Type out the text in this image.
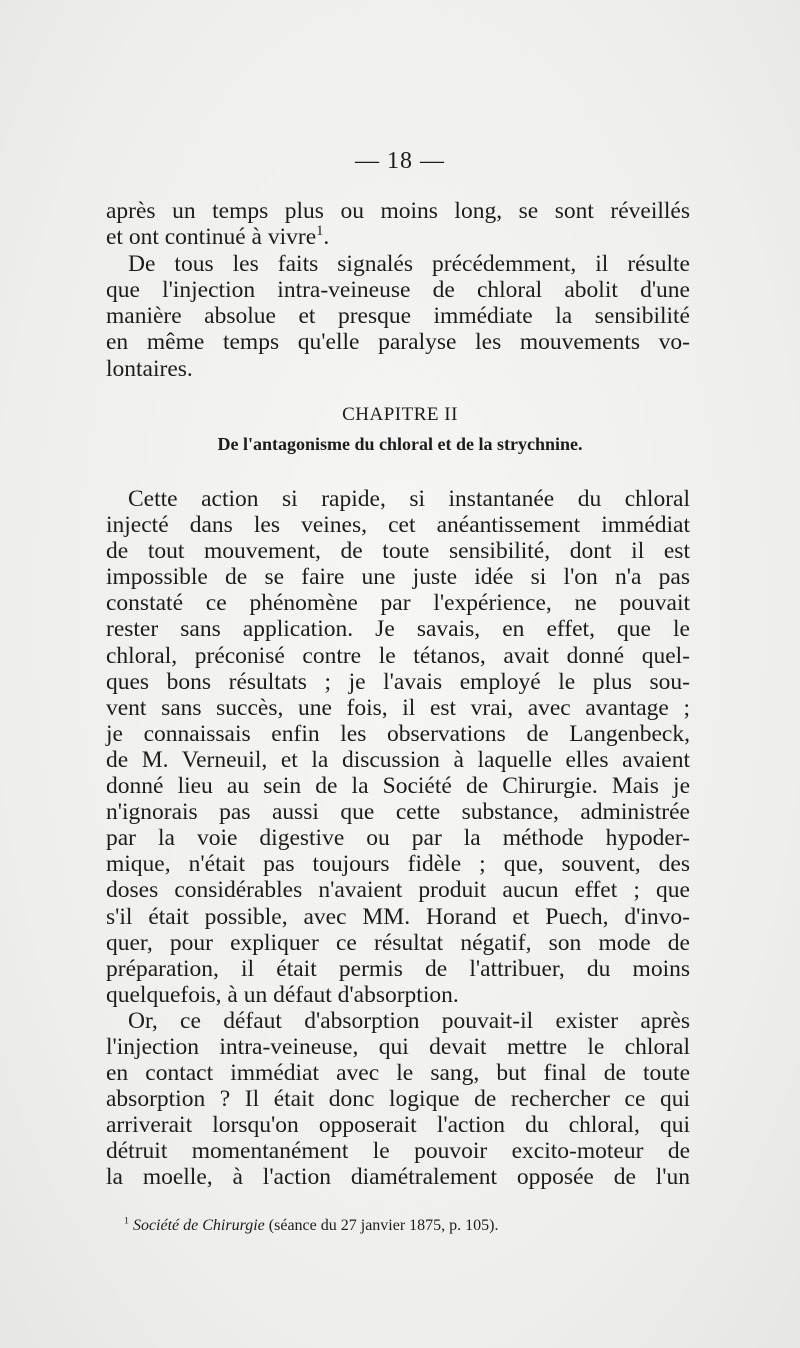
— 18 —
après un temps plus ou moins long, se sont réveillés
et ont continué à vivre$^1$.
De tous les faits signalés précédemment, il résulte
que l'injection intra-veineuse de chloral abolit d'une
manière absolue et presque immédiate la sensibilité
en même temps qu'elle paralyse les mouvements vo-
lontaires.
CHAPITRE II
De l'antagonisme du chloral et de la strychnine.
Cette action si rapide, si instantanée du chloral
injecté dans les veines, cet anéantissement immédiat
de tout mouvement, de toute sensibilité, dont il est
impossible de se faire une juste idée si l'on n'a pas
constaté ce phénomène par l'expérience, ne pouvait
rester sans application. Je savais, en effet, que le
chloral, préconisé contre le tétanos, avait donné quel-
ques bons résultats ; je l'avais employé le plus sou-
vent sans succès, une fois, il est vrai, avec avantage ;
je connaissais enfin les observations de Langenbeck,
de M. Verneuil, et la discussion à laquelle elles avaient
donné lieu au sein de la Société de Chirurgie. Mais je
n'ignorais pas aussi que cette substance, administrée
par la voie digestive ou par la méthode hypoder-
mique, n'était pas toujours fidèle ; que, souvent, des
doses considérables n'avaient produit aucun effet ; que
s'il était possible, avec MM. Horand et Puech, d'invo-
quer, pour expliquer ce résultat négatif, son mode de
préparation, il était permis de l'attribuer, du moins
quelquefois, à un défaut d'absorption.
Or, ce défaut d'absorption pouvait-il exister après
l'injection intra-veineuse, qui devait mettre le chloral
en contact immédiat avec le sang, but final de toute
absorption ? Il était donc logique de rechercher ce qui
arriverait lorsqu'on opposerait l'action du chloral, qui
détruit momentanément le pouvoir excito-moteur de
la moelle, à l'action diamétralement opposée de l'un
$^1$ Société de Chirurgie (séance du 27 janvier 1875, p. 105).
